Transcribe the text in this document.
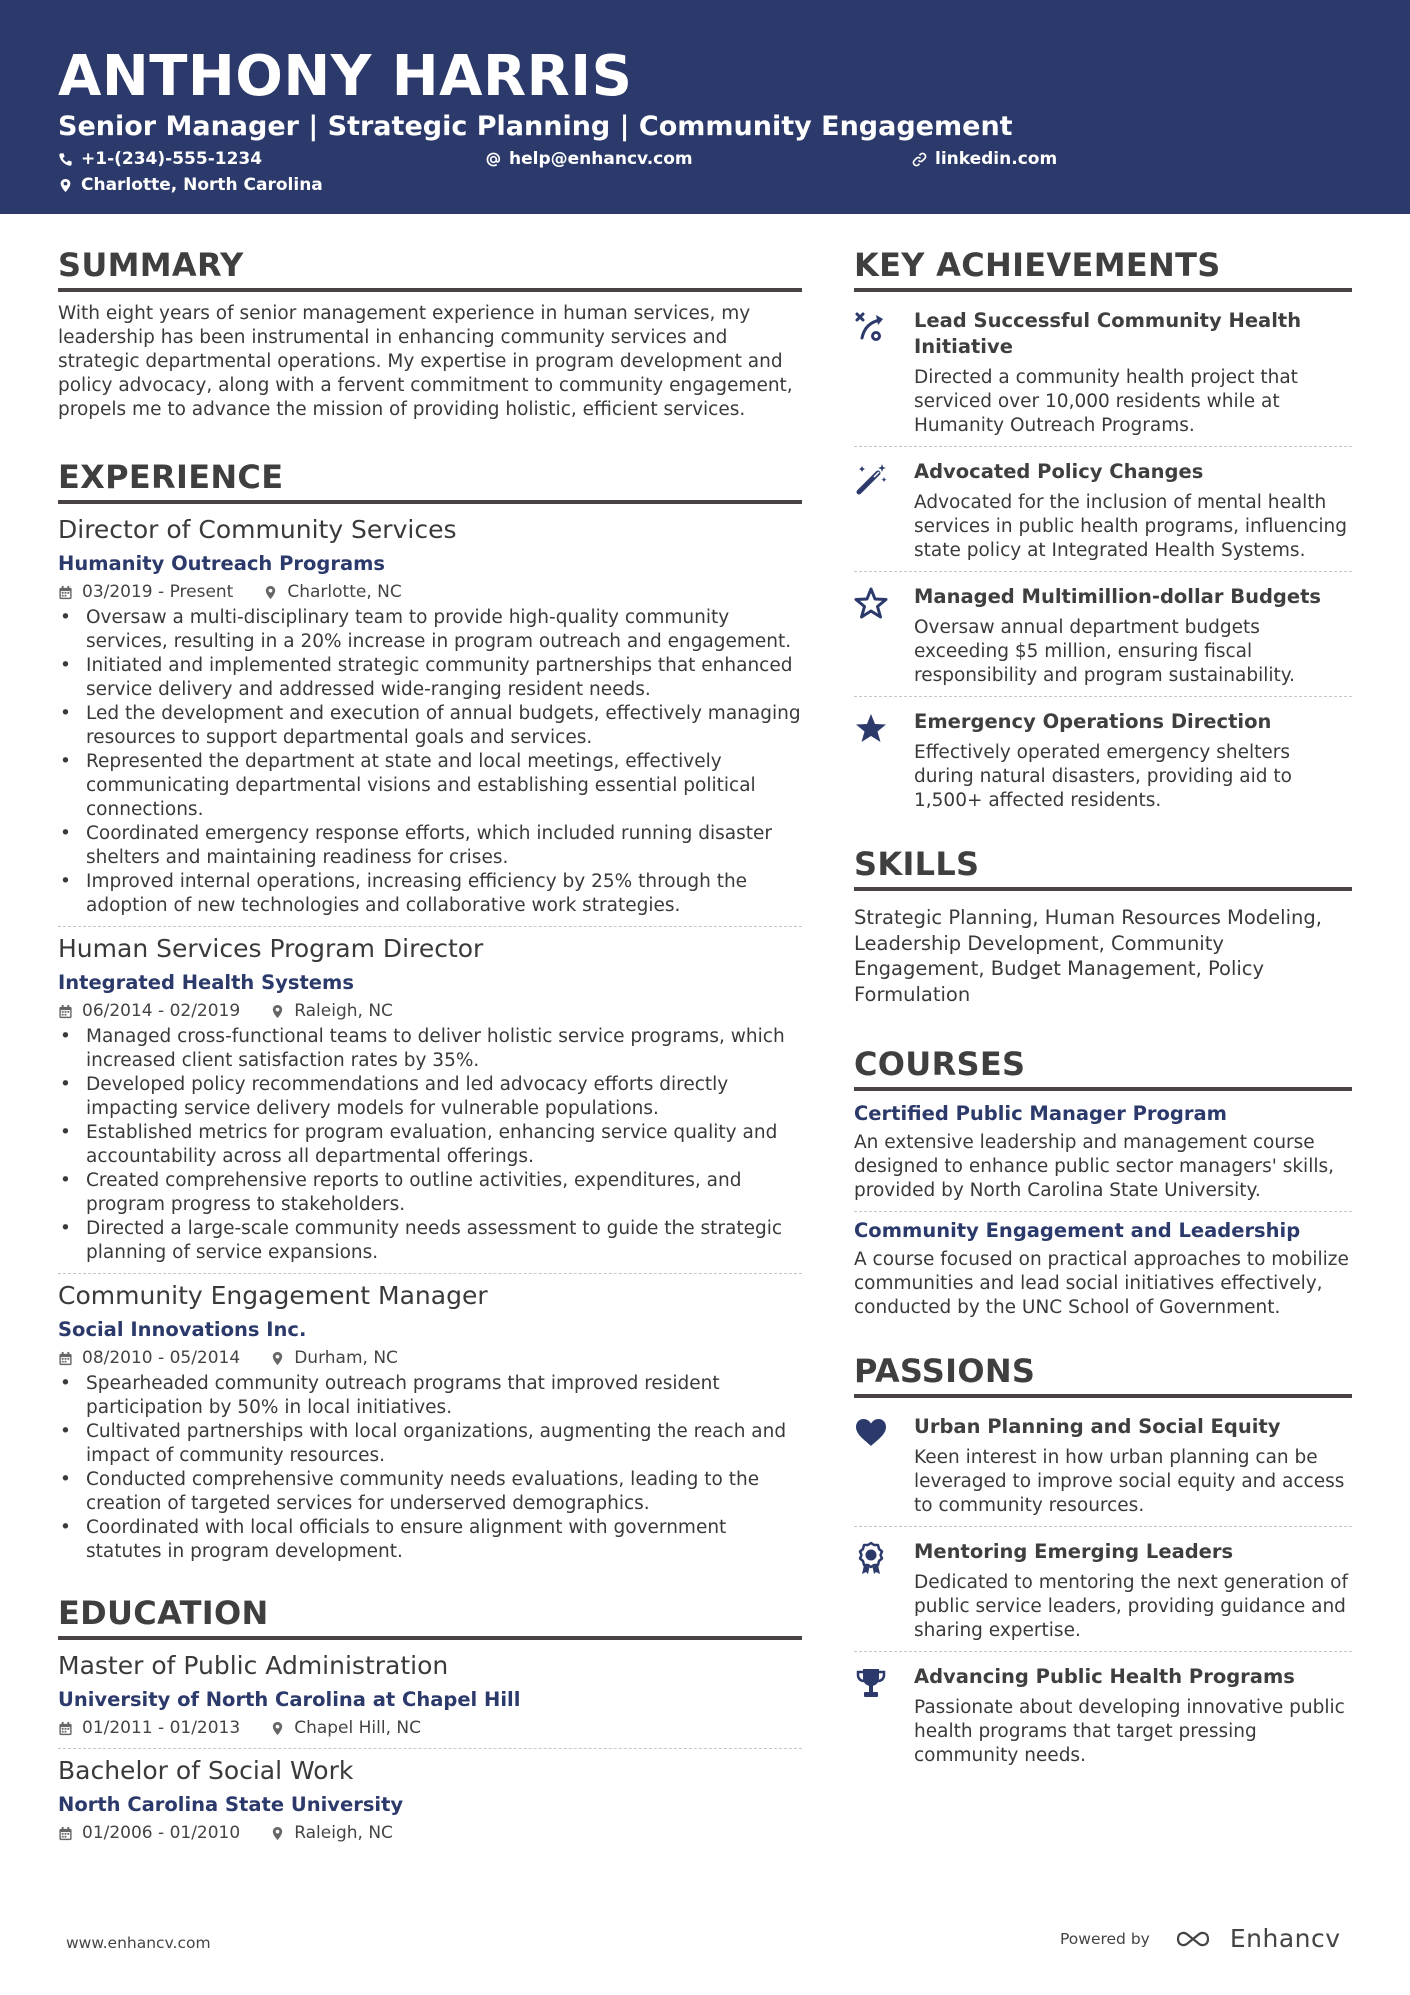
ANTHONY HARRIS
Senior Manager | Strategic Planning | Community Engagement
+1-(234)-555-1234	help@enhancv.com	linkedin.com
Charlotte, North Carolina
SUMMARY
With eight years of senior management experience in human services, my leadership has been instrumental in enhancing community services and strategic departmental operations. My expertise in program development and policy advocacy, along with a fervent commitment to community engagement, propels me to advance the mission of providing holistic, efficient services.
EXPERIENCE
Director of Community Services
Humanity Outreach Programs
03/2019 - Present	Charlotte, NC
• Oversaw a multi-disciplinary team to provide high-quality community services, resulting in a 20% increase in program outreach and engagement.
• Initiated and implemented strategic community partnerships that enhanced service delivery and addressed wide-ranging resident needs.
• Led the development and execution of annual budgets, effectively managing resources to support departmental goals and services.
• Represented the department at state and local meetings, effectively communicating departmental visions and establishing essential political connections.
• Coordinated emergency response efforts, which included running disaster shelters and maintaining readiness for crises.
• Improved internal operations, increasing efficiency by 25% through the adoption of new technologies and collaborative work strategies.
Human Services Program Director
Integrated Health Systems
06/2014 - 02/2019	Raleigh, NC
• Managed cross-functional teams to deliver holistic service programs, which increased client satisfaction rates by 35%.
• Developed policy recommendations and led advocacy efforts directly impacting service delivery models for vulnerable populations.
• Established metrics for program evaluation, enhancing service quality and accountability across all departmental offerings.
• Created comprehensive reports to outline activities, expenditures, and program progress to stakeholders.
• Directed a large-scale community needs assessment to guide the strategic planning of service expansions.
Community Engagement Manager
Social Innovations Inc.
08/2010 - 05/2014	Durham, NC
• Spearheaded community outreach programs that improved resident participation by 50% in local initiatives.
• Cultivated partnerships with local organizations, augmenting the reach and impact of community resources.
• Conducted comprehensive community needs evaluations, leading to the creation of targeted services for underserved demographics.
• Coordinated with local officials to ensure alignment with government statutes in program development.
EDUCATION
Master of Public Administration
University of North Carolina at Chapel Hill
01/2011 - 01/2013	Chapel Hill, NC
Bachelor of Social Work
North Carolina State University
01/2006 - 01/2010	Raleigh, NC
KEY ACHIEVEMENTS
Lead Successful Community Health Initiative
Directed a community health project that serviced over 10,000 residents while at Humanity Outreach Programs.
Advocated Policy Changes
Advocated for the inclusion of mental health services in public health programs, influencing state policy at Integrated Health Systems.
Managed Multimillion-dollar Budgets
Oversaw annual department budgets exceeding $5 million, ensuring fiscal responsibility and program sustainability.
Emergency Operations Direction
Effectively operated emergency shelters during natural disasters, providing aid to 1,500+ affected residents.
SKILLS
Strategic Planning, Human Resources Modeling, Leadership Development, Community Engagement, Budget Management, Policy Formulation
COURSES
Certified Public Manager Program
An extensive leadership and management course designed to enhance public sector managers' skills, provided by North Carolina State University.
Community Engagement and Leadership
A course focused on practical approaches to mobilize communities and lead social initiatives effectively, conducted by the UNC School of Government.
PASSIONS
Urban Planning and Social Equity
Keen interest in how urban planning can be leveraged to improve social equity and access to community resources.
Mentoring Emerging Leaders
Dedicated to mentoring the next generation of public service leaders, providing guidance and sharing expertise.
Advancing Public Health Programs
Passionate about developing innovative public health programs that target pressing community needs.
www.enhancv.com	Powered by	Enhancv
